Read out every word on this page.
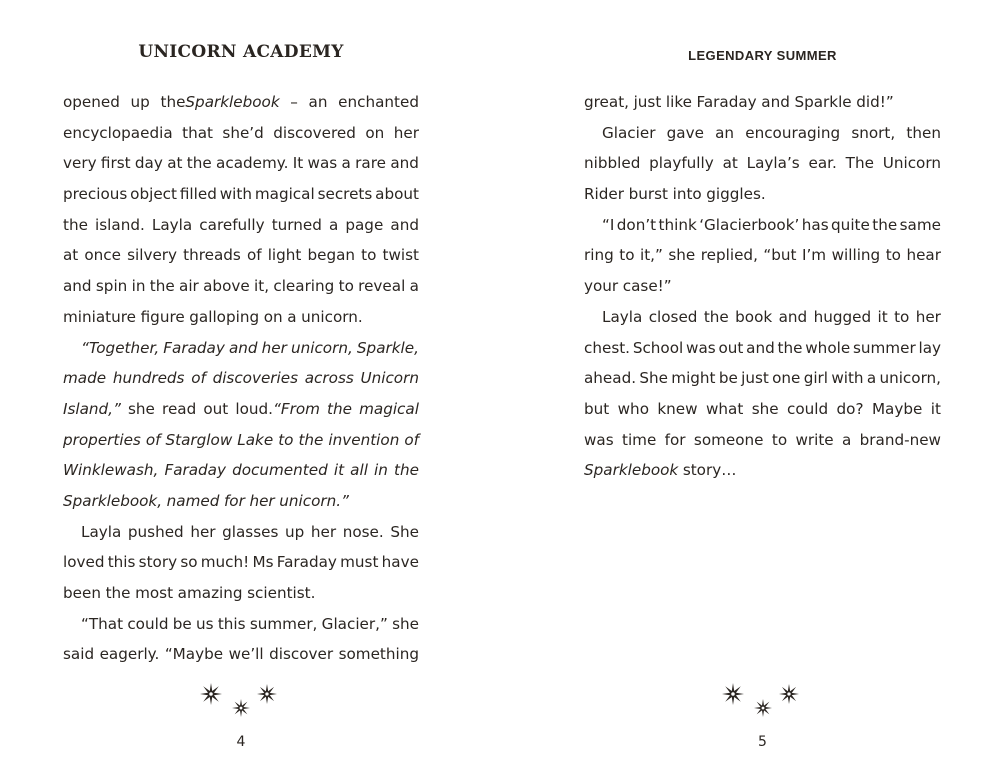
UNICORN ACADEMY
opened up theSparklebook – an enchanted
encyclopaedia that she’d discovered on her
very first day at the academy. It was a rare and
precious object filled with magical secrets about
the island. Layla carefully turned a page and
at once silvery threads of light began to twist
and spin in the air above it, clearing to reveal a
miniature figure galloping on a unicorn.
“Together, Faraday and her unicorn, Sparkle,
made hundreds of discoveries across Unicorn
Island,” she read out loud.“From the magical
properties of Starglow Lake to the invention of
Winklewash, Faraday documented it all in the
Sparklebook, named for her unicorn.”
Layla pushed her glasses up her nose. She
loved this story so much! Ms Faraday must have
been the most amazing scientist.
“That could be us this summer, Glacier,” she
said eagerly. “Maybe we’ll discover something
4
LEGENDARY SUMMER
great, just like Faraday and Sparkle did!”
Glacier gave an encouraging snort, then
nibbled playfully at Layla’s ear. The Unicorn
Rider burst into giggles.
“I don’t think ‘Glacierbook’ has quite the same
ring to it,” she replied, “but I’m willing to hear
your case!”
Layla closed the book and hugged it to her
chest. School was out and the whole summer lay
ahead. She might be just one girl with a unicorn,
but who knew what she could do? Maybe it
was time for someone to write a brand-new
Sparklebook story…
5
